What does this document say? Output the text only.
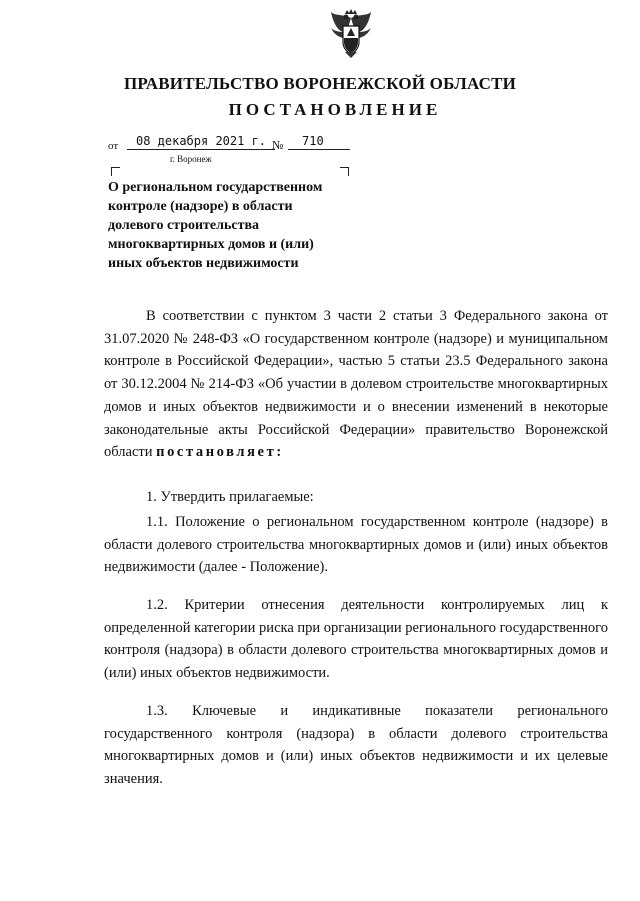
ПРАВИТЕЛЬСТВО ВОРОНЕЖСКОЙ ОБЛАСТИ
ПОСТАНОВЛЕНИЕ
от	08 декабря 2021 г. №	710
г. Воронеж
О региональном государственном контроле (надзоре) в области долевого строительства многоквартирных домов и (или) иных объектов недвижимости
В соответствии с пунктом 3 части 2 статьи 3 Федерального закона от 31.07.2020 № 248-ФЗ «О государственном контроле (надзоре) и муниципальном контроле в Российской Федерации», частью 5 статьи 23.5 Федерального закона от 30.12.2004 № 214-ФЗ «Об участии в долевом строительстве многоквартирных домов и иных объектов недвижимости и о внесении изменений в некоторые законодательные акты Российской Федерации» правительство Воронежской области постановляет:
1. Утвердить прилагаемые:
1.1. Положение о региональном государственном контроле (надзоре) в области долевого строительства многоквартирных домов и (или) иных объектов недвижимости (далее - Положение).
1.2. Критерии отнесения деятельности контролируемых лиц к определенной категории риска при организации регионального государственного контроля (надзора) в области долевого строительства многоквартирных домов и (или) иных объектов недвижимости.
1.3. Ключевые и индикативные показатели регионального государственного контроля (надзора) в области долевого строительства многоквартирных домов и (или) иных объектов недвижимости и их целевые значения.
